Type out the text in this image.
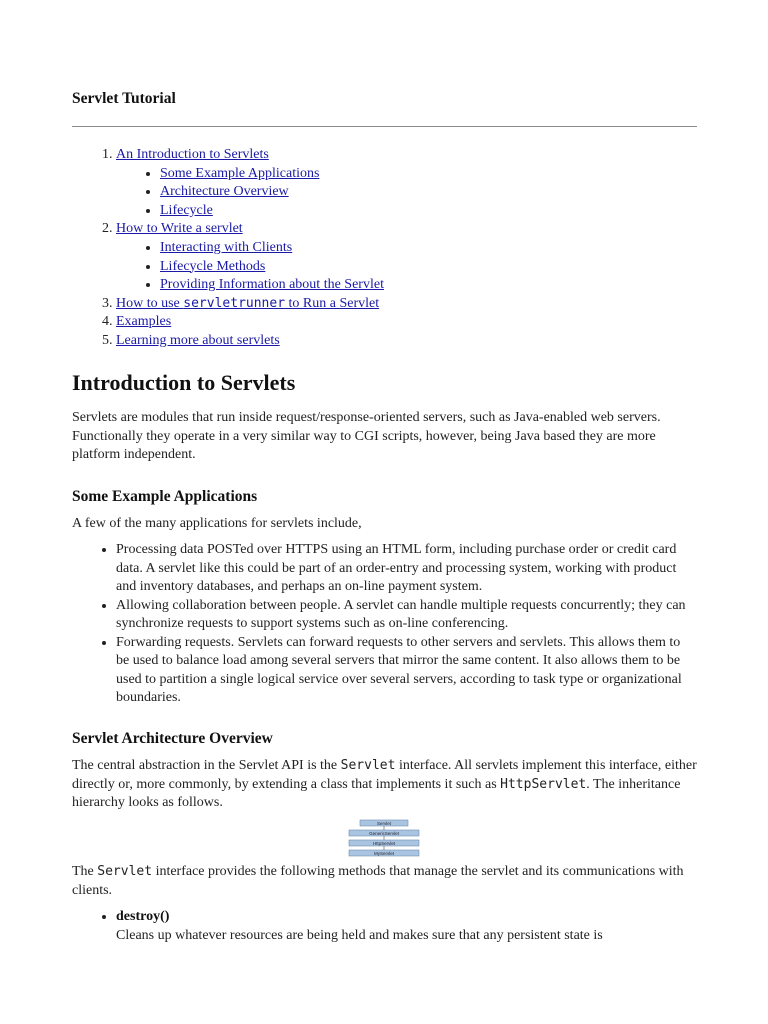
Servlet Tutorial
1. An Introduction to Servlets
• Some Example Applications
• Architecture Overview
• Lifecycle
2. How to Write a servlet
• Interacting with Clients
• Lifecycle Methods
• Providing Information about the Servlet
3. How to use servletrunner to Run a Servlet
4. Examples
5. Learning more about servlets
Introduction to Servlets

Servlets are modules that run inside request/response-oriented servers, such as Java-enabled web servers. Functionally they operate in a very similar way to CGI scripts, however, being Java based they are more platform independent.

Some Example Applications

A few of the many applications for servlets include,

• Processing data POSTed over HTTPS using an HTML form, including purchase order or credit card data. A servlet like this could be part of an order-entry and processing system, working with product and inventory databases, and perhaps an on-line payment system.
• Allowing collaboration between people. A servlet can handle multiple requests concurrently; they can synchronize requests to support systems such as on-line conferencing.
• Forwarding requests. Servlets can forward requests to other servers and servlets. This allows them to be used to balance load among several servers that mirror the same content. It also allows them to be used to partition a single logical service over several servers, according to task type or organizational boundaries.
Servlet Architecture Overview

The central abstraction in the Servlet API is the Servlet interface. All servlets implement this interface, either directly or, more commonly, by extending a class that implements it such as HttpServlet. The inheritance hierarchy looks as follows.

Servlet
GenericServlet
HttpServlet
MyServlet

The Servlet interface provides the following methods that manage the servlet and its communications with clients.

• destroy()
Cleans up whatever resources are being held and makes sure that any persistent state is
